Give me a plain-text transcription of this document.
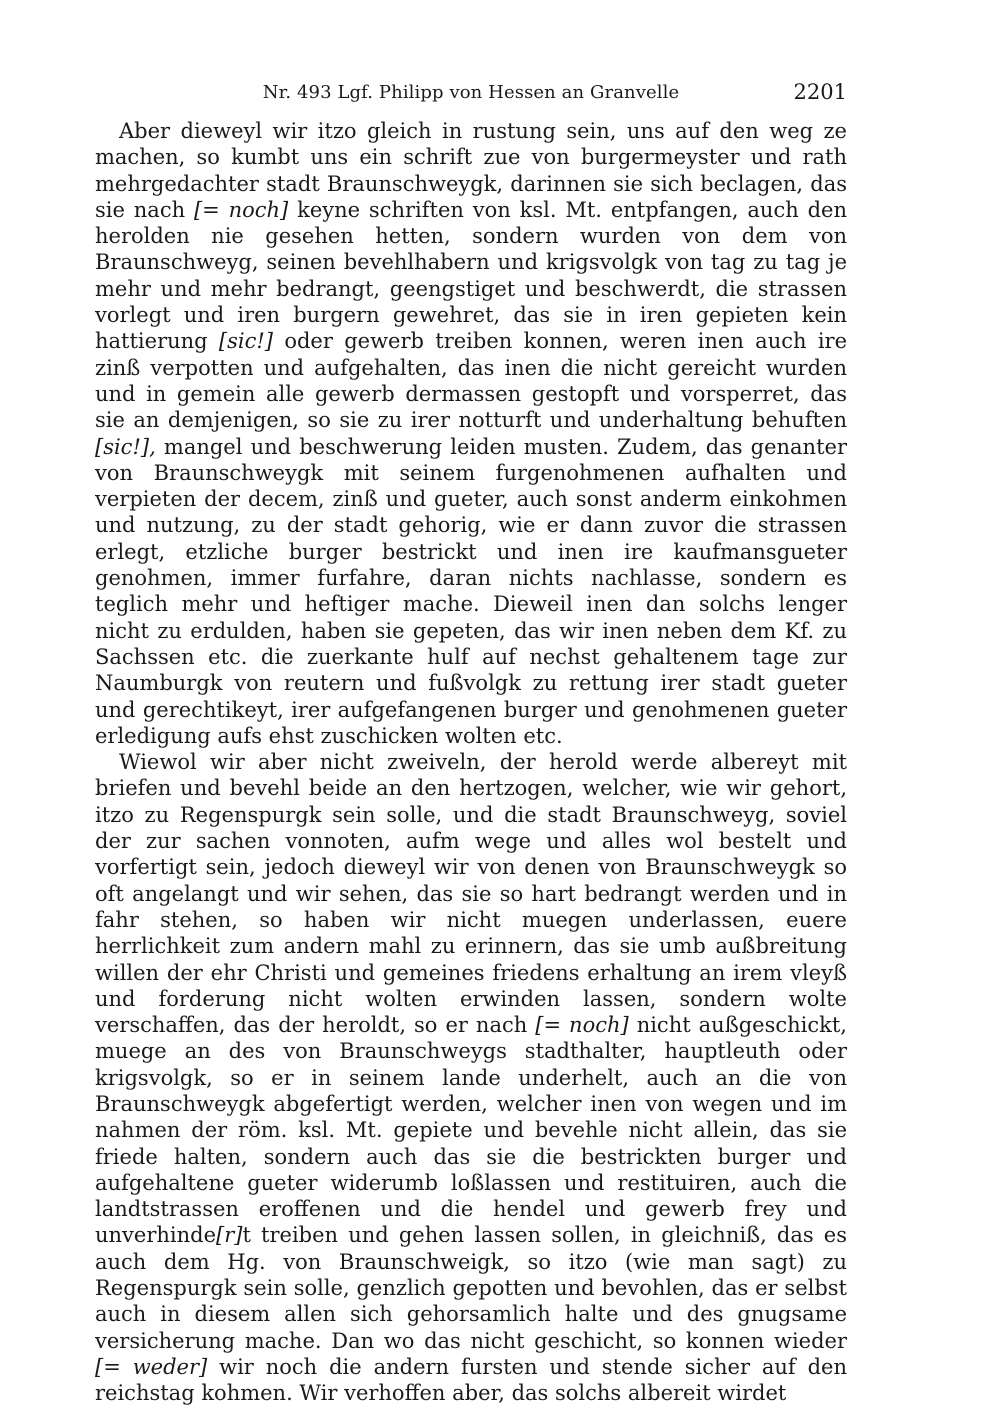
Nr. 493 Lgf. Philipp von Hessen an Granvelle	2201

Aber dieweyl wir itzo gleich in rustung sein, uns auf den weg ze machen, so kumbt uns ein schrift zue von burgermeyster und rath mehrgedachter stadt Braunschweygk, darinnen sie sich beclagen, das sie nach [= noch] keyne schriften von ksl. Mt. entpfangen, auch den herolden nie gesehen hetten, sondern wurden von dem von Braunschweyg, seinen bevehlhabern und krigsvolgk von tag zu tag je mehr und mehr bedrangt, geengstiget und beschwerdt, die strassen vorlegt und iren burgern gewehret, das sie in iren gepieten kein hattierung [sic!] oder gewerb treiben konnen, weren inen auch ire zinß verpotten und aufgehalten, das inen die nicht gereicht wurden und in gemein alle gewerb dermassen gestopft und vorsperret, das sie an demjenigen, so sie zu irer notturft und underhaltung behuften [sic!], mangel und beschwerung leiden musten. Zudem, das genanter von Braunschweygk mit seinem furgenohmenen aufhalten und verpieten der decem, zinß und gueter, auch sonst anderm einkohmen und nutzung, zu der stadt gehorig, wie er dann zuvor die strassen erlegt, etzliche burger bestrickt und inen ire kaufmansgueter genohmen, immer furfahre, daran nichts nachlasse, sondern es teglich mehr und heftiger mache. Dieweil inen dan solchs lenger nicht zu erdulden, haben sie gepeten, das wir inen neben dem Kf. zu Sachssen etc. die zuerkante hulf auf nechst gehaltenem tage zur Naumburgk von reutern und fußvolgk zu rettung irer stadt gueter und gerechtikeyt, irer aufgefangenen burger und genohmenen gueter erledigung aufs ehst zuschicken wolten etc.

Wiewol wir aber nicht zweiveln, der herold werde albereyt mit briefen und bevehl beide an den hertzogen, welcher, wie wir gehort, itzo zu Regenspurgk sein solle, und die stadt Braunschweyg, soviel der zur sachen vonnoten, aufm wege und alles wol bestelt und vorfertigt sein, jedoch dieweyl wir von denen von Braunschweygk so oft angelangt und wir sehen, das sie so hart bedrangt werden und in fahr stehen, so haben wir nicht muegen underlassen, euere herrlichkeit zum andern mahl zu erinnern, das sie umb außbreitung willen der ehr Christi und gemeines friedens erhaltung an irem vleyß und forderung nicht wolten erwinden lassen, sondern wolte verschaffen, das der heroldt, so er nach [= noch] nicht außgeschickt, muege an des von Braunschweygs stadthalter, hauptleuth oder krigsvolgk, so er in seinem lande underhelt, auch an die von Braunschweygk abgefertigt werden, welcher inen von wegen und im nahmen der röm. ksl. Mt. gepiete und bevehle nicht allein, das sie friede halten, sondern auch das sie die bestrickten burger und aufgehaltene gueter widerumb loßlassen und restituiren, auch die landtstrassen eroffenen und die hendel und gewerb frey und unverhinde[r]t treiben und gehen lassen sollen, in gleichniß, das es auch dem Hg. von Braunschweigk, so itzo (wie man sagt) zu Regenspurgk sein solle, genzlich gepotten und bevohlen, das er selbst auch in diesem allen sich gehorsamlich halte und des gnugsame versicherung mache. Dan wo das nicht geschicht, so konnen wieder [= weder] wir noch die andern fursten und stende sicher auf den reichstag kohmen. Wir verhoffen aber, das solchs albereit wirdet
